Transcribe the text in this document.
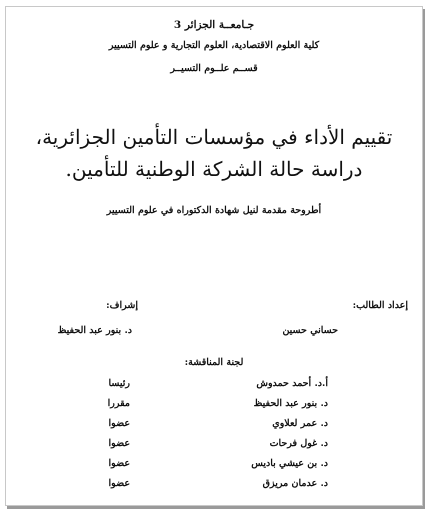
جـامعــة الجزائر 3
كلية العلوم الاقتصادية، العلوم التجارية و علوم التسيير
قســم علــوم التسيــر
تقييم الأداء في مؤسسات التأمين الجزائرية،
دراسة حالة الشركة الوطنية للتأمين.
أطروحة مقدمة لنيل شهادة الدكتوراه في علوم التسيير
إعداد الطالب:
حساني حسين
إشراف:
د. بنور عبد الحفيظ
لجنة المناقشة:
أ.د. أحمد حمدوش
رئيسا
د. بنور عبد الحفيظ
مقررا
د. عمر لعلاوي
عضوا
د. غول فرحات
عضوا
د. بن عيشي باديس
عضوا
د. عدمان مريزق
عضوا
